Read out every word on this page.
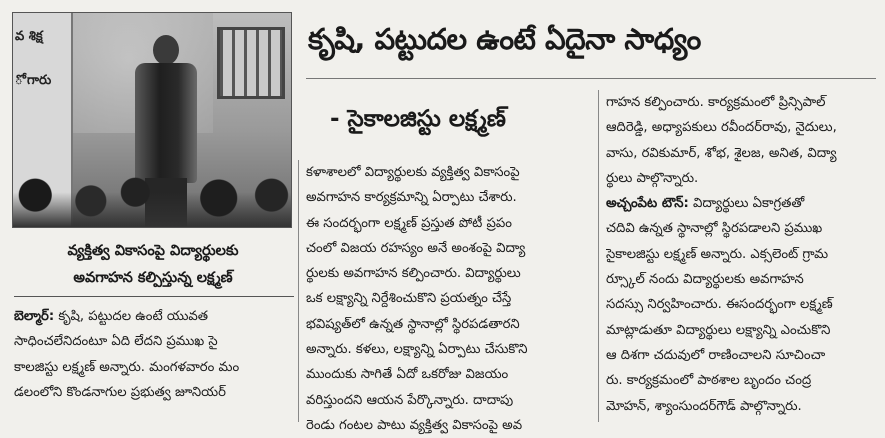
వ శిక్ష
ో గారు
వ్యక్తిత్వ వికాసంపై విద్యార్థులకు
అవగాహన కల్పిస్తున్న లక్ష్మణ్
కృషి, పట్టుదల ఉంటే ఏదైనా సాధ్యం
- సైకాలజిస్టు లక్ష్మణ్
బెల్మార్: కృషి, పట్టుదల ఉంటే యువత
సాధించలేనిదంటూ ఏది లేదని ప్రముఖ సై
కాలజిస్టు లక్ష్మణ్ అన్నారు. మంగళవారం మం
డలంలోని కొండనాగుల ప్రభుత్వ జూనియర్
కళాశాలలో విద్యార్థులకు వ్యక్తిత్వ వికాసంపై
అవగాహన కార్యక్రమాన్ని ఏర్పాటు చేశారు.
ఈ సందర్భంగా లక్ష్మణ్ ప్రస్తుత పోటీ ప్రపం
చంలో విజయ రహస్యం అనే అంశంపై విద్యా
ర్థులకు అవగాహన కల్పించారు. విద్యార్థులు
ఒక లక్ష్యాన్ని నిర్దేశించుకొని ప్రయత్నం చేస్తే
భవిష్యత్‌లో ఉన్నత స్థానాల్లో స్థిరపడతారని
అన్నారు. కళలు, లక్ష్యాన్ని ఏర్పాటు చేసుకొని
ముందుకు సాగితే ఏదో ఒకరోజు విజయం
వరిస్తుందని ఆయన పేర్కొన్నారు. దాదాపు
రెండు గంటల పాటు వ్యక్తిత్వ వికాసంపై అవ
గాహన కల్పించారు. కార్యక్రమంలో ప్రిన్సిపాల్
ఆదిరెడ్డి, అధ్యాపకులు రవీందర్‌రావు, నైదులు,
వాసు, రవికుమార్, శోభ, శైలజ, అనిత, విద్యా
ర్థులు పాల్గొన్నారు.
అచ్చంపేట టౌన్: విద్యార్థులు ఏకాగ్రతతో
చదివి ఉన్నత స్థానాల్లో స్థిరపడాలని ప్రముఖ
సైకాలజిస్టు లక్ష్మణ్ అన్నారు. ఎక్సలెంట్ గ్రామ
ర్స్కూల్ నందు విద్యార్థులకు అవగాహన
సదస్సు నిర్వహించారు. ఈసందర్భంగా లక్ష్మణ్
మాట్లాడుతూ విద్యార్థులు లక్ష్యాన్ని ఎంచుకొని
ఆ దిశగా చదువులో రాణించాలని సూచించా
రు. కార్యక్రమంలో పాఠశాల బృందం చంద్ర
మోహన్, శ్యాంసుందర్‌గౌడ్ పాల్గొన్నారు.
